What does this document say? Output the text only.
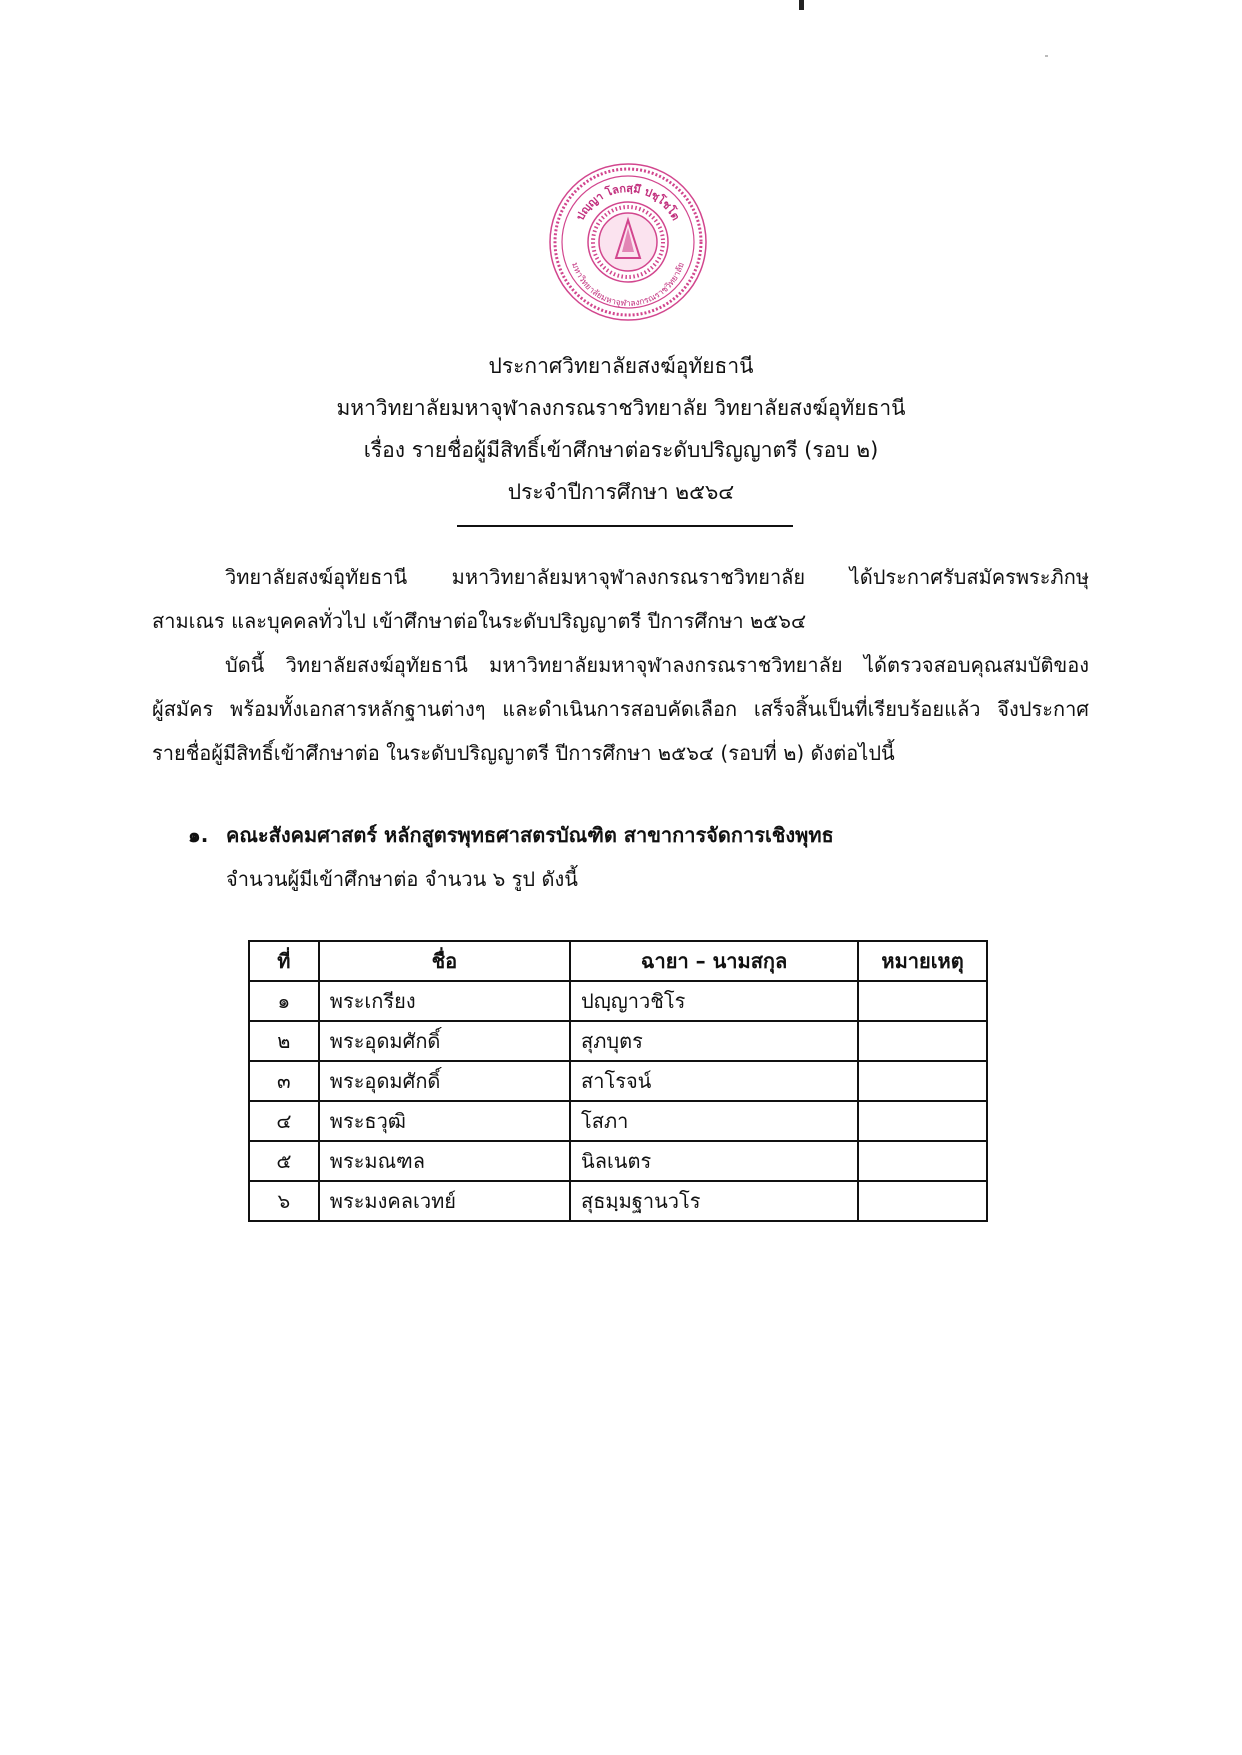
ปญฺญา โลกสฺมึ ปชฺโชโต
มหาวิทยาลัยมหาจุฬาลงกรณราชวิทยาลัย
ประกาศวิทยาลัยสงฆ์อุทัยธานี
มหาวิทยาลัยมหาจุฬาลงกรณราชวิทยาลัย วิทยาลัยสงฆ์อุทัยธานี
เรื่อง รายชื่อผู้มีสิทธิ์เข้าศึกษาต่อระดับปริญญาตรี (รอบ ๒)
ประจำปีการศึกษา ๒๕๖๔
วิทยาลัยสงฆ์อุทัยธานี มหาวิทยาลัยมหาจุฬาลงกรณราชวิทยาลัย ได้ประกาศรับสมัครพระภิกษุ
สามเณร และบุคคลทั่วไป เข้าศึกษาต่อในระดับปริญญาตรี ปีการศึกษา ๒๕๖๔
บัดนี้ วิทยาลัยสงฆ์อุทัยธานี มหาวิทยาลัยมหาจุฬาลงกรณราชวิทยาลัย ได้ตรวจสอบคุณสมบัติของ
ผู้สมัคร พร้อมทั้งเอกสารหลักฐานต่างๆ และดำเนินการสอบคัดเลือก เสร็จสิ้นเป็นที่เรียบร้อยแล้ว จึงประกาศ
รายชื่อผู้มีสิทธิ์เข้าศึกษาต่อ ในระดับปริญญาตรี ปีการศึกษา ๒๕๖๔ (รอบที่ ๒) ดังต่อไปนี้
๑. คณะสังคมศาสตร์ หลักสูตรพุทธศาสตรบัณฑิต สาขาการจัดการเชิงพุทธ
จำนวนผู้มีเข้าศึกษาต่อ จำนวน ๖ รูป ดังนี้
ที่	ชื่อ	ฉายา – นามสกุล	หมายเหตุ
๑	พระเกรียง	ปญฺญาวชิโร	
๒	พระอุดมศักดิ์	สุภบุตร	
๓	พระอุดมศักดิ์	สาโรจน์	
๔	พระธวุฒิ	โสภา	
๕	พระมณฑล	นิลเนตร	
๖	พระมงคลเวทย์	สุธมฺมฐานวโร	
